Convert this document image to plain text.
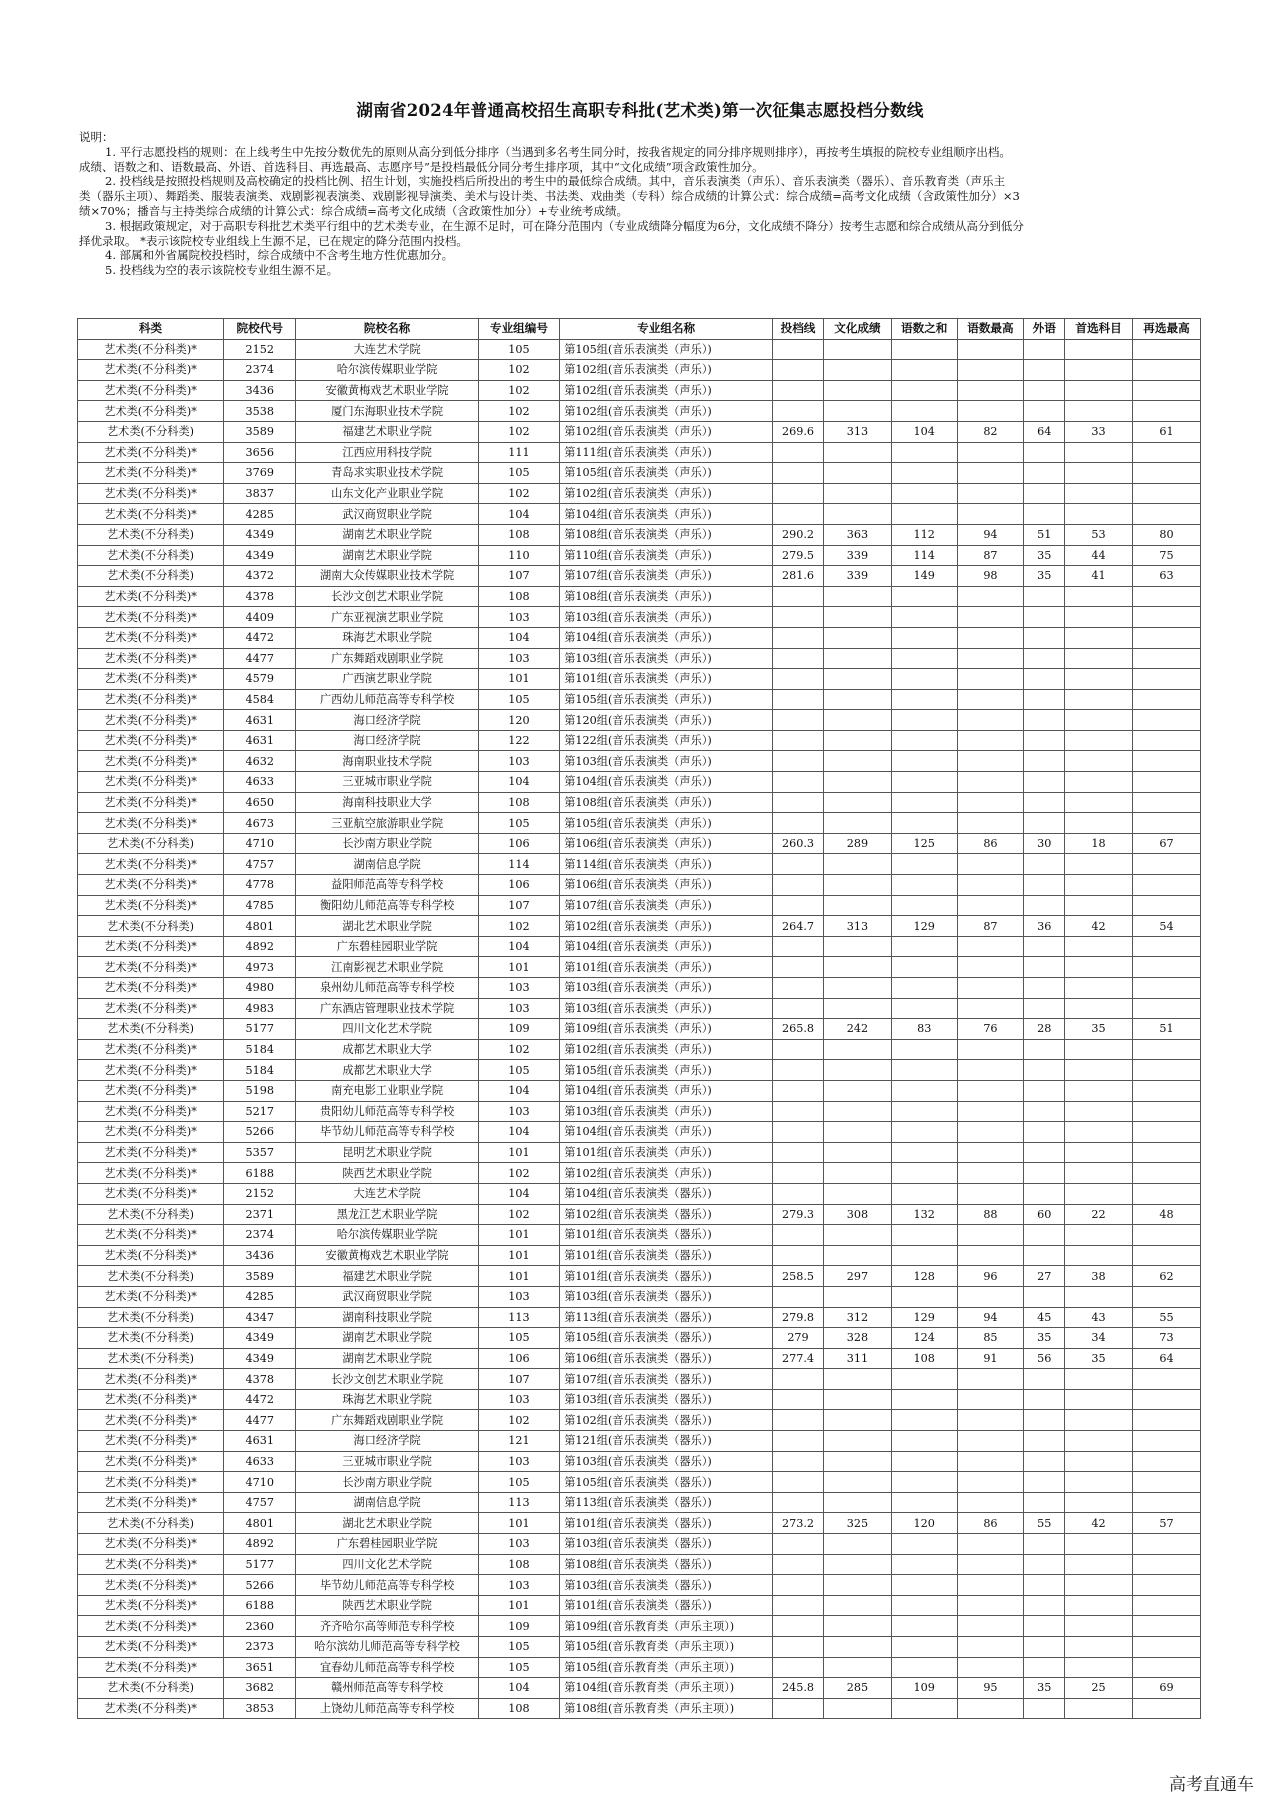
湖南省2024年普通高校招生高职专科批(艺术类)第一次征集志愿投档分数线
说明：
1. 平行志愿投档的规则：在上线考生中先按分数优先的原则从高分到低分排序（当遇到多名考生同分时，按我省规定的同分排序规则排序），再按考生填报的院校专业组顺序出档。
成绩、语数之和、语数最高、外语、首选科目、再选最高、志愿序号”是投档最低分同分考生排序项，其中“文化成绩”项含政策性加分。
2. 投档线是按照投档规则及高校确定的投档比例、招生计划，实施投档后所投出的考生中的最低综合成绩。其中，音乐表演类（声乐）、音乐表演类（器乐）、音乐教育类（声乐主
类（器乐主项）、舞蹈类、服装表演类、戏剧影视表演类、戏剧影视导演类、美术与设计类、书法类、戏曲类（专科）综合成绩的计算公式：综合成绩=高考文化成绩（含政策性加分）×3
绩×70%；播音与主持类综合成绩的计算公式：综合成绩=高考文化成绩（含政策性加分）+专业统考成绩。
3. 根据政策规定，对于高职专科批艺术类平行组中的艺术类专业，在生源不足时，可在降分范围内（专业成绩降分幅度为6分，文化成绩不降分）按考生志愿和综合成绩从高分到低分
择优录取。 *表示该院校专业组线上生源不足，已在规定的降分范围内投档。
4. 部属和外省属院校投档时，综合成绩中不含考生地方性优惠加分。
5. 投档线为空的表示该院校专业组生源不足。
科类	院校代号	院校名称	专业组编号	专业组名称	投档线	文化成绩	语数之和	语数最高	外语	首选科目	再选最高
艺术类(不分科类)*	2152	大连艺术学院	105	第105组(音乐表演类（声乐）)							
艺术类(不分科类)*	2374	哈尔滨传媒职业学院	102	第102组(音乐表演类（声乐）)							
艺术类(不分科类)*	3436	安徽黄梅戏艺术职业学院	102	第102组(音乐表演类（声乐）)							
艺术类(不分科类)*	3538	厦门东海职业技术学院	102	第102组(音乐表演类（声乐）)							
艺术类(不分科类)	3589	福建艺术职业学院	102	第102组(音乐表演类（声乐）)	269.6	313	104	82	64	33	61
艺术类(不分科类)*	3656	江西应用科技学院	111	第111组(音乐表演类（声乐）)							
艺术类(不分科类)*	3769	青岛求实职业技术学院	105	第105组(音乐表演类（声乐）)							
艺术类(不分科类)*	3837	山东文化产业职业学院	102	第102组(音乐表演类（声乐）)							
艺术类(不分科类)*	4285	武汉商贸职业学院	104	第104组(音乐表演类（声乐）)							
艺术类(不分科类)	4349	湖南艺术职业学院	108	第108组(音乐表演类（声乐）)	290.2	363	112	94	51	53	80
艺术类(不分科类)	4349	湖南艺术职业学院	110	第110组(音乐表演类（声乐）)	279.5	339	114	87	35	44	75
艺术类(不分科类)	4372	湖南大众传媒职业技术学院	107	第107组(音乐表演类（声乐）)	281.6	339	149	98	35	41	63
艺术类(不分科类)*	4378	长沙文创艺术职业学院	108	第108组(音乐表演类（声乐）)							
艺术类(不分科类)*	4409	广东亚视演艺职业学院	103	第103组(音乐表演类（声乐）)							
艺术类(不分科类)*	4472	珠海艺术职业学院	104	第104组(音乐表演类（声乐）)							
艺术类(不分科类)*	4477	广东舞蹈戏剧职业学院	103	第103组(音乐表演类（声乐）)							
艺术类(不分科类)*	4579	广西演艺职业学院	101	第101组(音乐表演类（声乐）)							
艺术类(不分科类)*	4584	广西幼儿师范高等专科学校	105	第105组(音乐表演类（声乐）)							
艺术类(不分科类)*	4631	海口经济学院	120	第120组(音乐表演类（声乐）)							
艺术类(不分科类)*	4631	海口经济学院	122	第122组(音乐表演类（声乐）)							
艺术类(不分科类)*	4632	海南职业技术学院	103	第103组(音乐表演类（声乐）)							
艺术类(不分科类)*	4633	三亚城市职业学院	104	第104组(音乐表演类（声乐）)							
艺术类(不分科类)*	4650	海南科技职业大学	108	第108组(音乐表演类（声乐）)							
艺术类(不分科类)*	4673	三亚航空旅游职业学院	105	第105组(音乐表演类（声乐）)							
艺术类(不分科类)	4710	长沙南方职业学院	106	第106组(音乐表演类（声乐）)	260.3	289	125	86	30	18	67
艺术类(不分科类)*	4757	湖南信息学院	114	第114组(音乐表演类（声乐）)							
艺术类(不分科类)*	4778	益阳师范高等专科学校	106	第106组(音乐表演类（声乐）)							
艺术类(不分科类)*	4785	衡阳幼儿师范高等专科学校	107	第107组(音乐表演类（声乐）)							
艺术类(不分科类)	4801	湖北艺术职业学院	102	第102组(音乐表演类（声乐）)	264.7	313	129	87	36	42	54
艺术类(不分科类)*	4892	广东碧桂园职业学院	104	第104组(音乐表演类（声乐）)							
艺术类(不分科类)*	4973	江南影视艺术职业学院	101	第101组(音乐表演类（声乐）)							
艺术类(不分科类)*	4980	泉州幼儿师范高等专科学校	103	第103组(音乐表演类（声乐）)							
艺术类(不分科类)*	4983	广东酒店管理职业技术学院	103	第103组(音乐表演类（声乐）)							
艺术类(不分科类)	5177	四川文化艺术学院	109	第109组(音乐表演类（声乐）)	265.8	242	83	76	28	35	51
艺术类(不分科类)*	5184	成都艺术职业大学	102	第102组(音乐表演类（声乐）)							
艺术类(不分科类)*	5184	成都艺术职业大学	105	第105组(音乐表演类（声乐）)							
艺术类(不分科类)*	5198	南充电影工业职业学院	104	第104组(音乐表演类（声乐）)							
艺术类(不分科类)*	5217	贵阳幼儿师范高等专科学校	103	第103组(音乐表演类（声乐）)							
艺术类(不分科类)*	5266	毕节幼儿师范高等专科学校	104	第104组(音乐表演类（声乐）)							
艺术类(不分科类)*	5357	昆明艺术职业学院	101	第101组(音乐表演类（声乐）)							
艺术类(不分科类)*	6188	陕西艺术职业学院	102	第102组(音乐表演类（声乐）)							
艺术类(不分科类)*	2152	大连艺术学院	104	第104组(音乐表演类（器乐）)							
艺术类(不分科类)	2371	黑龙江艺术职业学院	102	第102组(音乐表演类（器乐）)	279.3	308	132	88	60	22	48
艺术类(不分科类)*	2374	哈尔滨传媒职业学院	101	第101组(音乐表演类（器乐）)							
艺术类(不分科类)*	3436	安徽黄梅戏艺术职业学院	101	第101组(音乐表演类（器乐）)							
艺术类(不分科类)	3589	福建艺术职业学院	101	第101组(音乐表演类（器乐）)	258.5	297	128	96	27	38	62
艺术类(不分科类)*	4285	武汉商贸职业学院	103	第103组(音乐表演类（器乐）)							
艺术类(不分科类)	4347	湖南科技职业学院	113	第113组(音乐表演类（器乐）)	279.8	312	129	94	45	43	55
艺术类(不分科类)	4349	湖南艺术职业学院	105	第105组(音乐表演类（器乐）)	279	328	124	85	35	34	73
艺术类(不分科类)	4349	湖南艺术职业学院	106	第106组(音乐表演类（器乐）)	277.4	311	108	91	56	35	64
艺术类(不分科类)*	4378	长沙文创艺术职业学院	107	第107组(音乐表演类（器乐）)							
艺术类(不分科类)*	4472	珠海艺术职业学院	103	第103组(音乐表演类（器乐）)							
艺术类(不分科类)*	4477	广东舞蹈戏剧职业学院	102	第102组(音乐表演类（器乐）)							
艺术类(不分科类)*	4631	海口经济学院	121	第121组(音乐表演类（器乐）)							
艺术类(不分科类)*	4633	三亚城市职业学院	103	第103组(音乐表演类（器乐）)							
艺术类(不分科类)*	4710	长沙南方职业学院	105	第105组(音乐表演类（器乐）)							
艺术类(不分科类)*	4757	湖南信息学院	113	第113组(音乐表演类（器乐）)							
艺术类(不分科类)	4801	湖北艺术职业学院	101	第101组(音乐表演类（器乐）)	273.2	325	120	86	55	42	57
艺术类(不分科类)*	4892	广东碧桂园职业学院	103	第103组(音乐表演类（器乐）)							
艺术类(不分科类)*	5177	四川文化艺术学院	108	第108组(音乐表演类（器乐）)							
艺术类(不分科类)*	5266	毕节幼儿师范高等专科学校	103	第103组(音乐表演类（器乐）)							
艺术类(不分科类)*	6188	陕西艺术职业学院	101	第101组(音乐表演类（器乐）)							
艺术类(不分科类)*	2360	齐齐哈尔高等师范专科学校	109	第109组(音乐教育类（声乐主项）)							
艺术类(不分科类)*	2373	哈尔滨幼儿师范高等专科学校	105	第105组(音乐教育类（声乐主项）)							
艺术类(不分科类)*	3651	宜春幼儿师范高等专科学校	105	第105组(音乐教育类（声乐主项）)							
艺术类(不分科类)	3682	赣州师范高等专科学校	104	第104组(音乐教育类（声乐主项）)	245.8	285	109	95	35	25	69
艺术类(不分科类)*	3853	上饶幼儿师范高等专科学校	108	第108组(音乐教育类（声乐主项）)							
高考直通车
